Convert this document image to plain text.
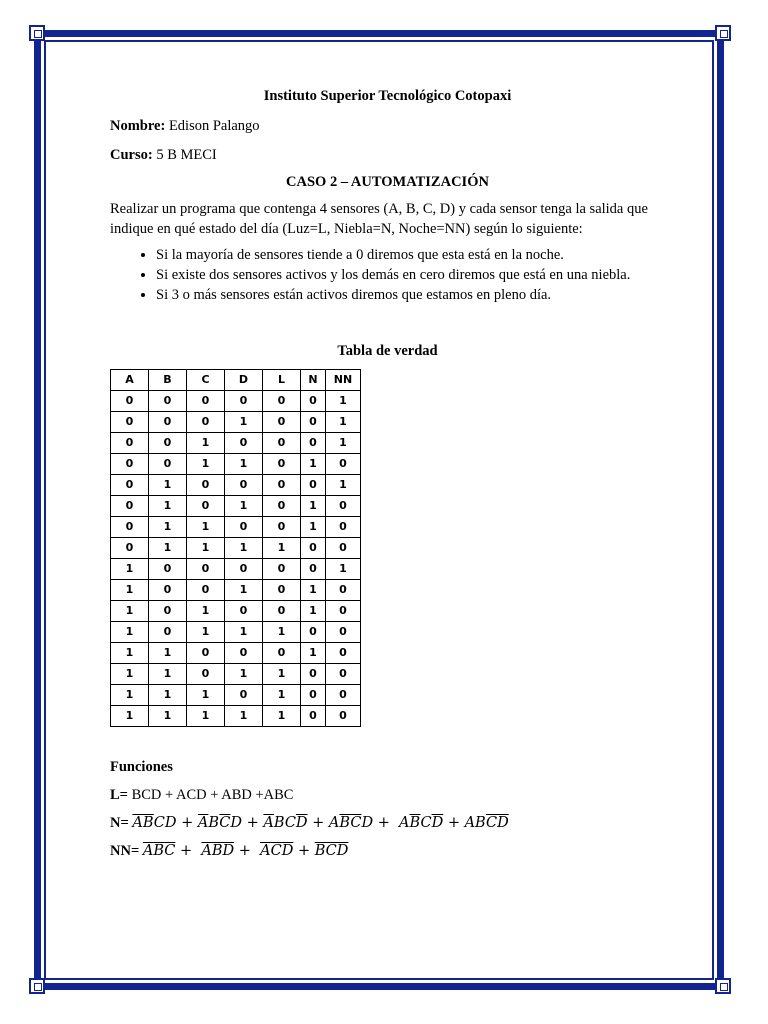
Instituto Superior Tecnológico Cotopaxi

Nombre: Edison Palango

Curso: 5 B MECI

CASO 2 – AUTOMATIZACIÓN

Realizar un programa que contenga 4 sensores (A, B, C, D) y cada sensor tenga la salida que indique en qué estado del día (Luz=L, Niebla=N, Noche=NN) según lo siguiente:

• Si la mayoría de sensores tiende a 0 diremos que esta está en la noche.
• Si existe dos sensores activos y los demás en cero diremos que está en una niebla.
• Si 3 o más sensores están activos diremos que estamos en pleno día.

Tabla de verdad

A	B	C	D	L	N	NN
0	0	0	0	0	0	1
0	0	0	1	0	0	1
0	0	1	0	0	0	1
0	0	1	1	0	1	0
0	1	0	0	0	0	1
0	1	0	1	0	1	0
0	1	1	0	0	1	0
0	1	1	1	1	0	0
1	0	0	0	0	0	1
1	0	0	1	0	1	0
1	0	1	0	0	1	0
1	0	1	1	1	0	0
1	1	0	0	0	1	0
1	1	0	1	1	0	0
1	1	1	0	1	0	0
1	1	1	1	1	0	0

Funciones

L= BCD + ACD + ABD +ABC

$N= \overline{A}\overline{B}CD + \overline{A}B\overline{C}D + \overline{A}BC\overline{D} + A\overline{B}\overline{C}D + A\overline{B}C\overline{D} + AB\overline{CD}$

$NN= \overline{A}\overline{B}\overline{C} + \overline{A}\overline{B}\overline{D} + \overline{A}\overline{C}\overline{D} + \overline{BCD}$
